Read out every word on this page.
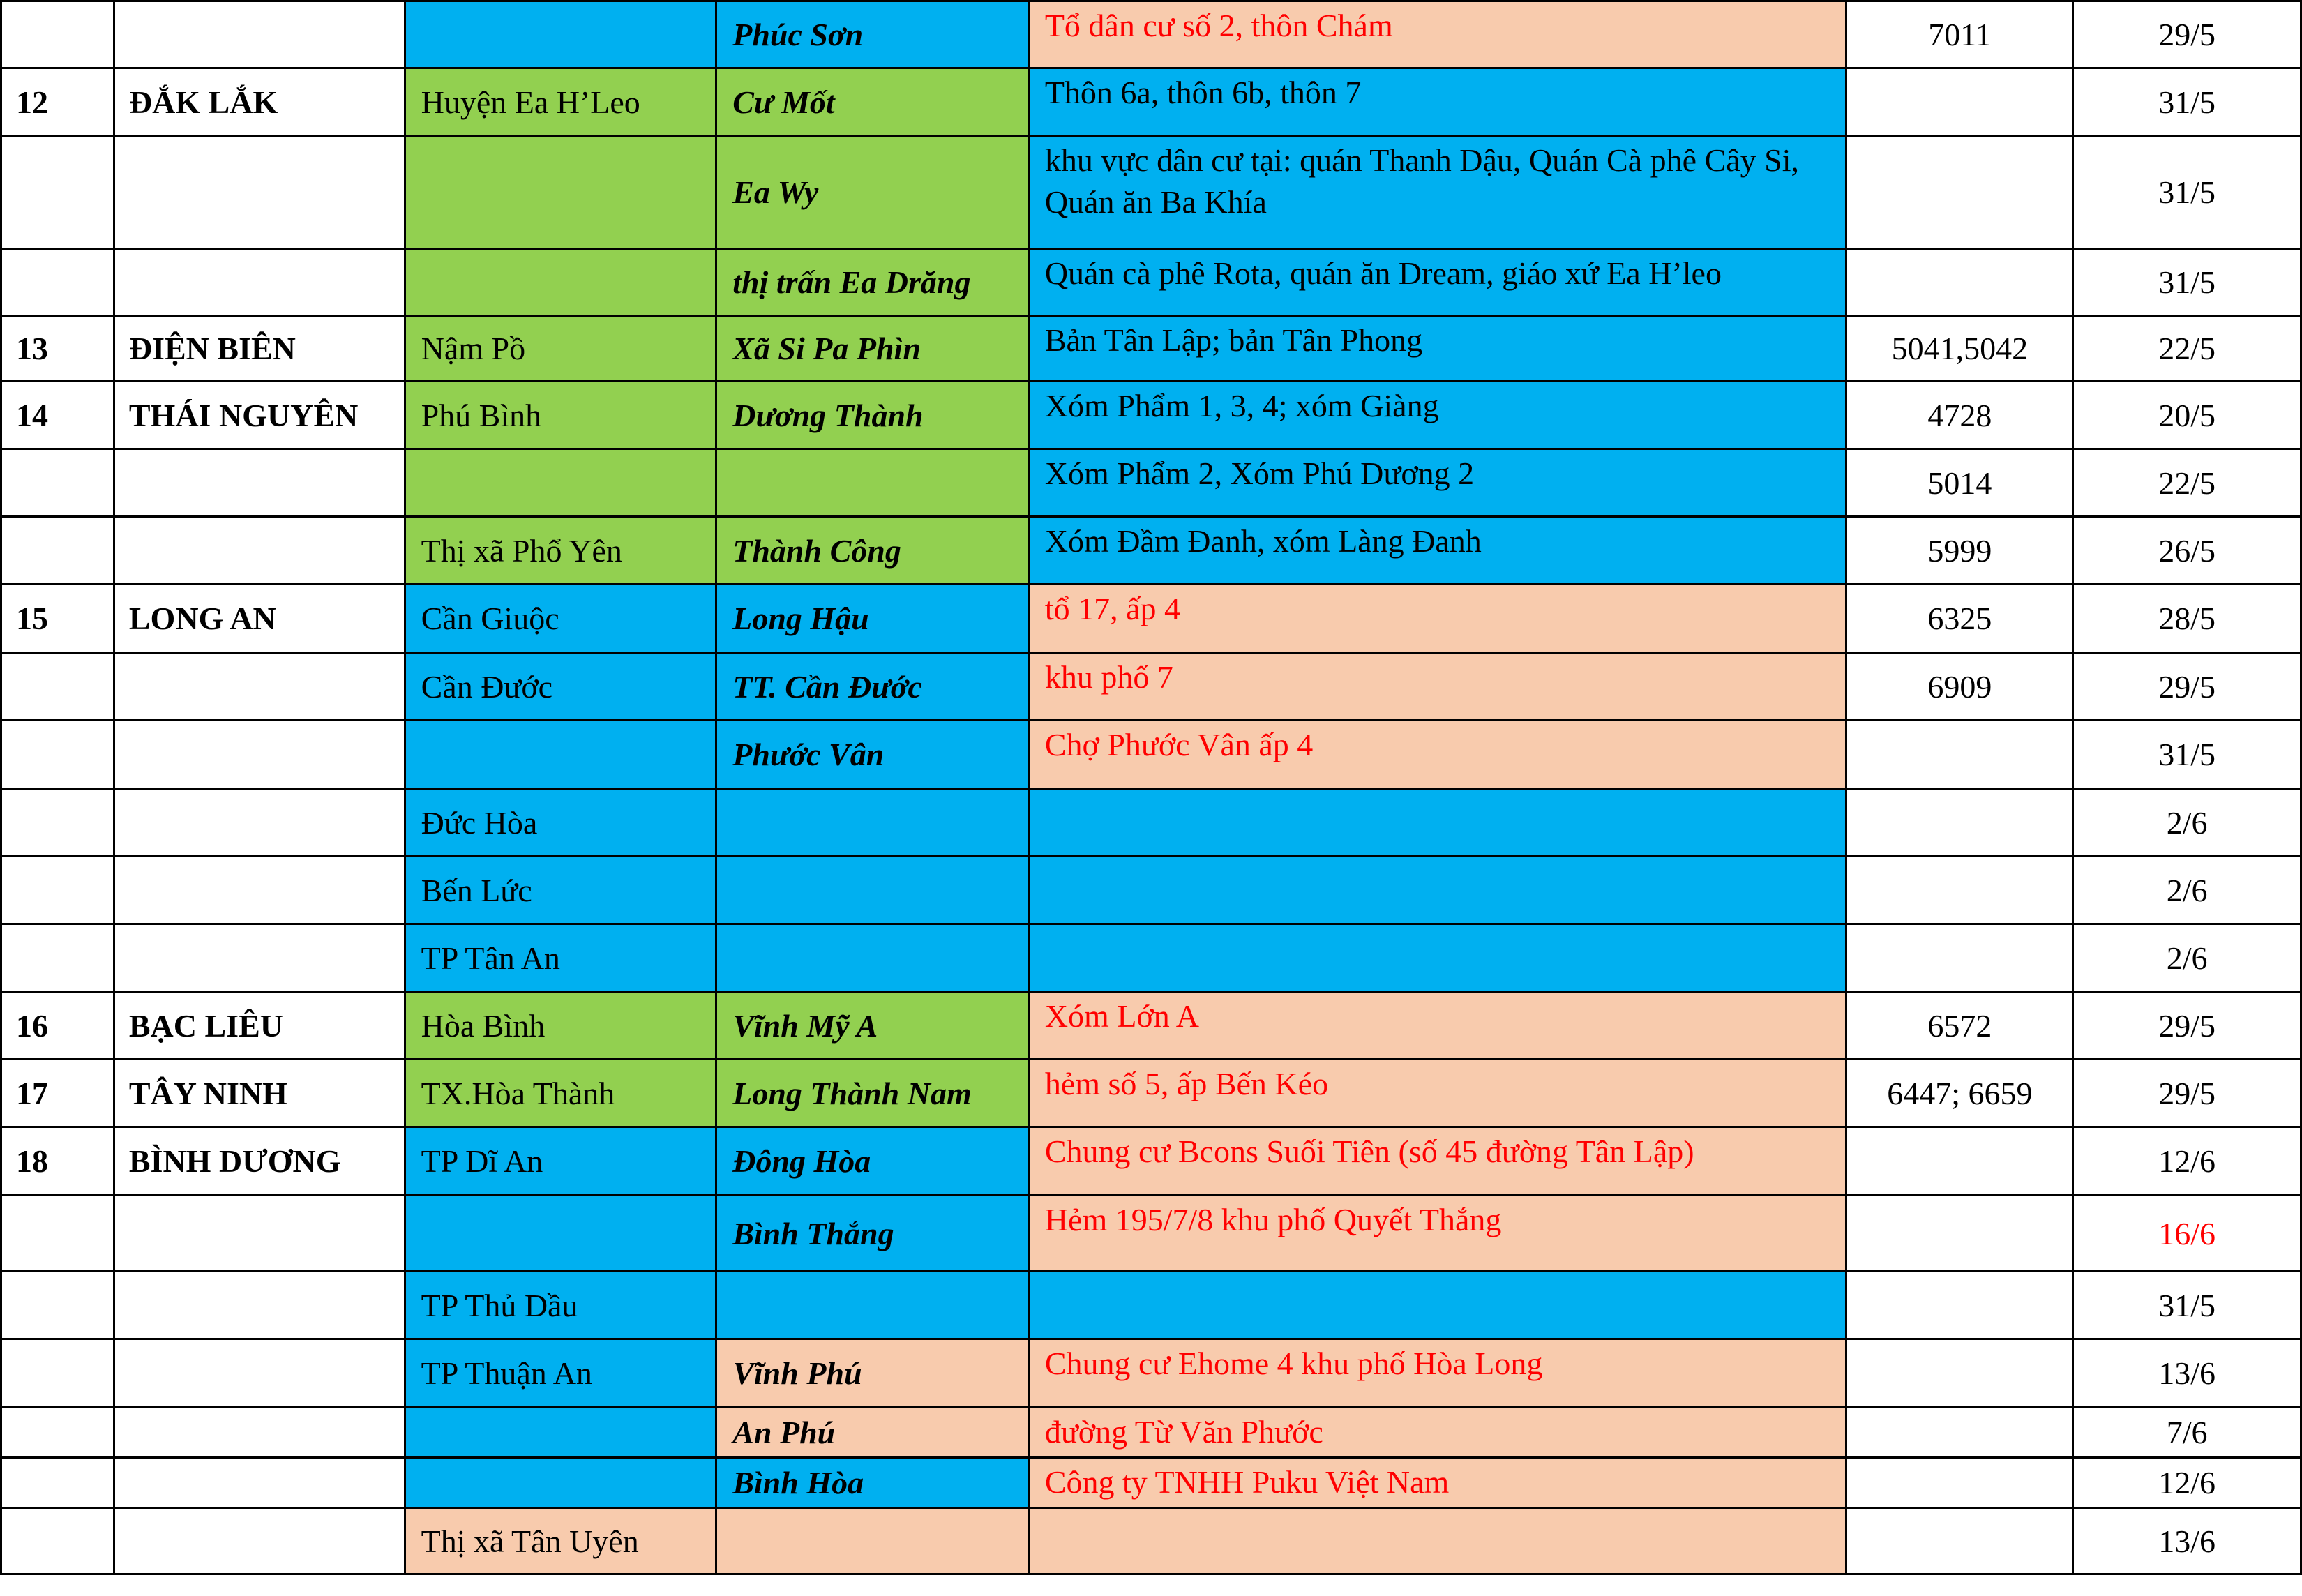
			Phúc Sơn	Tổ dân cư số 2, thôn Chám	7011	29/5
12	ĐẮK LẮK	Huyện Ea H’Leo	Cư Mốt	Thôn 6a, thôn 6b, thôn 7		31/5
			Ea Wy	khu vực dân cư tại: quán Thanh Dậu, Quán Cà phê Cây Si, Quán ăn Ba Khía		31/5
			thị trấn Ea Drăng	Quán cà phê Rota, quán ăn Dream, giáo xứ Ea H’leo		31/5
13	ĐIỆN BIÊN	Nậm Pồ	Xã Si Pa Phìn	Bản Tân Lập; bản Tân Phong	5041,5042	22/5
14	THÁI NGUYÊN	Phú Bình	Dương Thành	Xóm Phẩm 1, 3, 4; xóm Giàng	4728	20/5
				Xóm Phẩm 2, Xóm Phú Dương 2	5014	22/5
		Thị xã Phổ Yên	Thành Công	Xóm Đầm Đanh, xóm Làng Đanh	5999	26/5
15	LONG AN	Cần Giuộc	Long Hậu	tổ 17, ấp 4	6325	28/5
		Cần Đước	TT. Cần Đước	khu phố 7	6909	29/5
			Phước Vân	Chợ Phước Vân ấp 4		31/5
		Đức Hòa				2/6
		Bến Lức				2/6
		TP Tân An				2/6
16	BẠC LIÊU	Hòa Bình	Vĩnh Mỹ A	Xóm Lớn A	6572	29/5
17	TÂY NINH	TX.Hòa Thành	Long Thành Nam	hẻm số 5, ấp Bến Kéo	6447; 6659	29/5
18	BÌNH DƯƠNG	TP Dĩ An	Đông Hòa	Chung cư Bcons Suối Tiên (số 45 đường Tân Lập)		12/6
			Bình Thắng	Hẻm 195/7/8 khu phố Quyết Thắng		16/6
		TP Thủ Dầu				31/5
		TP Thuận An	Vĩnh Phú	Chung cư Ehome 4 khu phố Hòa Long		13/6
			An Phú	đường Từ Văn Phước		7/6
			Bình Hòa	Công ty TNHH Puku Việt Nam		12/6
		Thị xã Tân Uyên				13/6
